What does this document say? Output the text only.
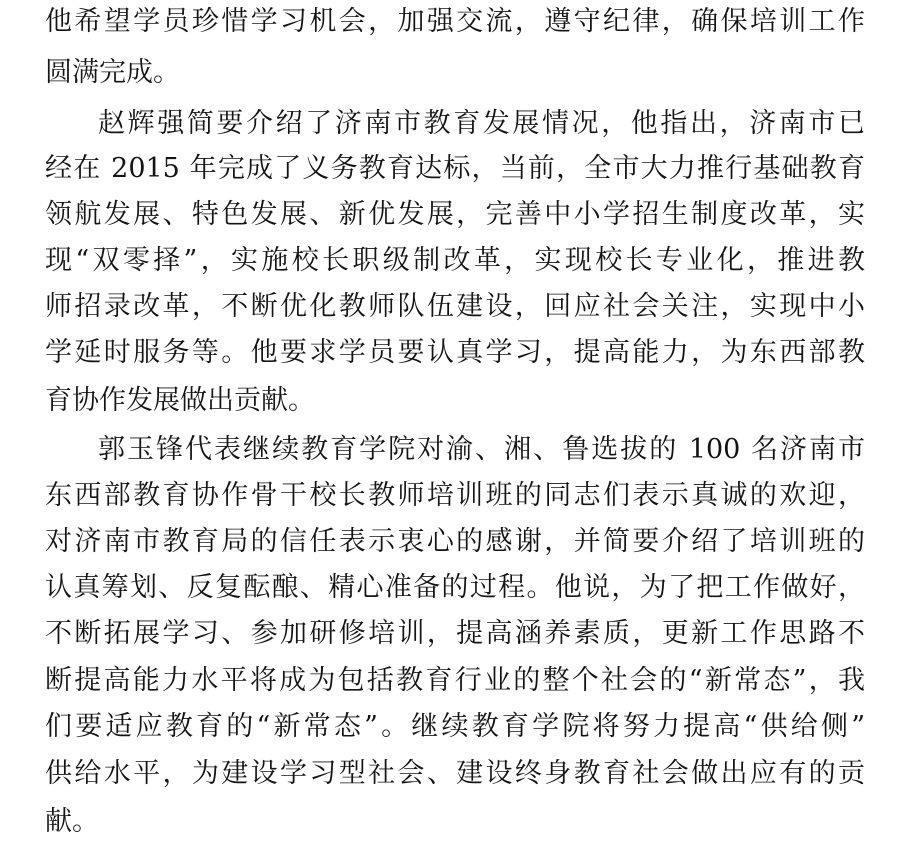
他希望学员珍惜学习机会，加强交流，遵守纪律，确保培训工作
圆满完成。
赵辉强简要介绍了济南市教育发展情况，他指出，济南市已
经在 2015 年完成了义务教育达标，当前，全市大力推行基础教育
领航发展、特色发展、新优发展，完善中小学招生制度改革，实
现“双零择”，实施校长职级制改革，实现校长专业化，推进教
师招录改革，不断优化教师队伍建设，回应社会关注，实现中小
学延时服务等。他要求学员要认真学习，提高能力，为东西部教
育协作发展做出贡献。
郭玉锋代表继续教育学院对渝、湘、鲁选拔的 100 名济南市
东西部教育协作骨干校长教师培训班的同志们表示真诚的欢迎，
对济南市教育局的信任表示衷心的感谢，并简要介绍了培训班的
认真筹划、反复酝酿、精心准备的过程。他说，为了把工作做好，
不断拓展学习、参加研修培训，提高涵养素质，更新工作思路不
断提高能力水平将成为包括教育行业的整个社会的“新常态”，我
们要适应教育的“新常态”。继续教育学院将努力提高“供给侧”
供给水平，为建设学习型社会、建设终身教育社会做出应有的贡
献。
